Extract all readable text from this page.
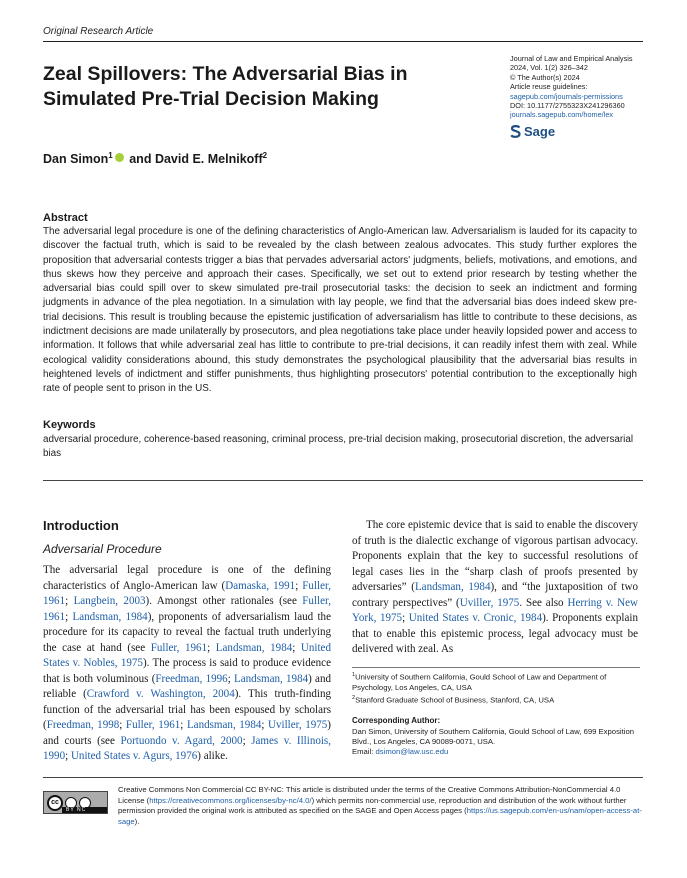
Original Research Article
Zeal Spillovers: The Adversarial Bias in Simulated Pre-Trial Decision Making
Journal of Law and Empirical Analysis
2024, Vol. 1(2) 326–342
© The Author(s) 2024
Article reuse guidelines:
sagepub.com/journals-permissions
DOI: 10.1177/2755323X241296360
journals.sagepub.com/home/lex
Sage
Dan Simon$^1$ and David E. Melnikoff$^2$
Abstract
The adversarial legal procedure is one of the defining characteristics of Anglo-American law. Adversarialism is lauded for its capacity to discover the factual truth, which is said to be revealed by the clash between zealous advocates. This study further explores the proposition that adversarial contests trigger a bias that pervades adversarial actors' judgments, beliefs, motivations, and emotions, and thus skews how they perceive and approach their cases. Specifically, we set out to extend prior research by testing whether the adversarial bias could spill over to skew simulated pre-trail prosecutorial tasks: the decision to seek an indictment and forming judgments in advance of the plea negotiation. In a simulation with lay people, we find that the adversarial bias does indeed skew pre-trial decisions. This result is troubling because the epistemic justification of adversarialism has little to contribute to these decisions, as indictment decisions are made unilaterally by prosecutors, and plea negotiations take place under heavily lopsided power and access to information. It follows that while adversarial zeal has little to contribute to pre-trial decisions, it can readily infest them with zeal. While ecological validity considerations abound, this study demonstrates the psychological plausibility that the adversarial bias results in heightened levels of indictment and stiffer punishments, thus highlighting prosecutors' potential contribution to the exceptionally high rate of people sent to prison in the US.
Keywords
adversarial procedure, coherence-based reasoning, criminal process, pre-trial decision making, prosecutorial discretion, the adversarial bias
Introduction
Adversarial Procedure

The adversarial legal procedure is one of the defining characteristics of Anglo-American law (Damaska, 1991; Fuller, 1961; Langbein, 2003). Amongst other rationales (see Fuller, 1961; Landsman, 1984), proponents of adversarialism laud the procedure for its capacity to reveal the factual truth underlying the case at hand (see Fuller, 1961; Landsman, 1984; United States v. Nobles, 1975). The process is said to produce evidence that is both voluminous (Freedman, 1996; Landsman, 1984) and reliable (Crawford v. Washington, 2004). This truth-finding function of the adversarial trial has been espoused by scholars (Freedman, 1998; Fuller, 1961; Landsman, 1984; Uviller, 1975) and courts (see Portuondo v. Agard, 2000; James v. Illinois, 1990; United States v. Agurs, 1976) alike.

The core epistemic device that is said to enable the discovery of truth is the dialectic exchange of vigorous partisan advocacy. Proponents explain that the key to successful resolutions of legal cases lies in the “sharp clash of proofs presented by adversaries” (Landsman, 1984), and “the juxtaposition of two contrary perspectives” (Uviller, 1975. See also Herring v. New York, 1975; United States v. Cronic, 1984). Proponents explain that to enable this epistemic process, legal advocacy must be delivered with zeal. As

$^1$University of Southern California, Gould School of Law and Department of Psychology, Los Angeles, CA, USA
$^2$Stanford Graduate School of Business, Stanford, CA, USA
Corresponding Author:
Dan Simon, University of Southern California, Gould School of Law, 699 Exposition Blvd., Los Angeles, CA 90089-0071, USA.
Email: dsimon@law.usc.edu
cc
BY NC
Creative Commons Non Commercial CC BY-NC: This article is distributed under the terms of the Creative Commons Attribution-NonCommercial 4.0 License (https://creativecommons.org/licenses/by-nc/4.0/) which permits non-commercial use, reproduction and distribution of the work without further permission provided the original work is attributed as specified on the SAGE and Open Access pages (https://us.sagepub.com/en-us/nam/open-access-at-sage).
